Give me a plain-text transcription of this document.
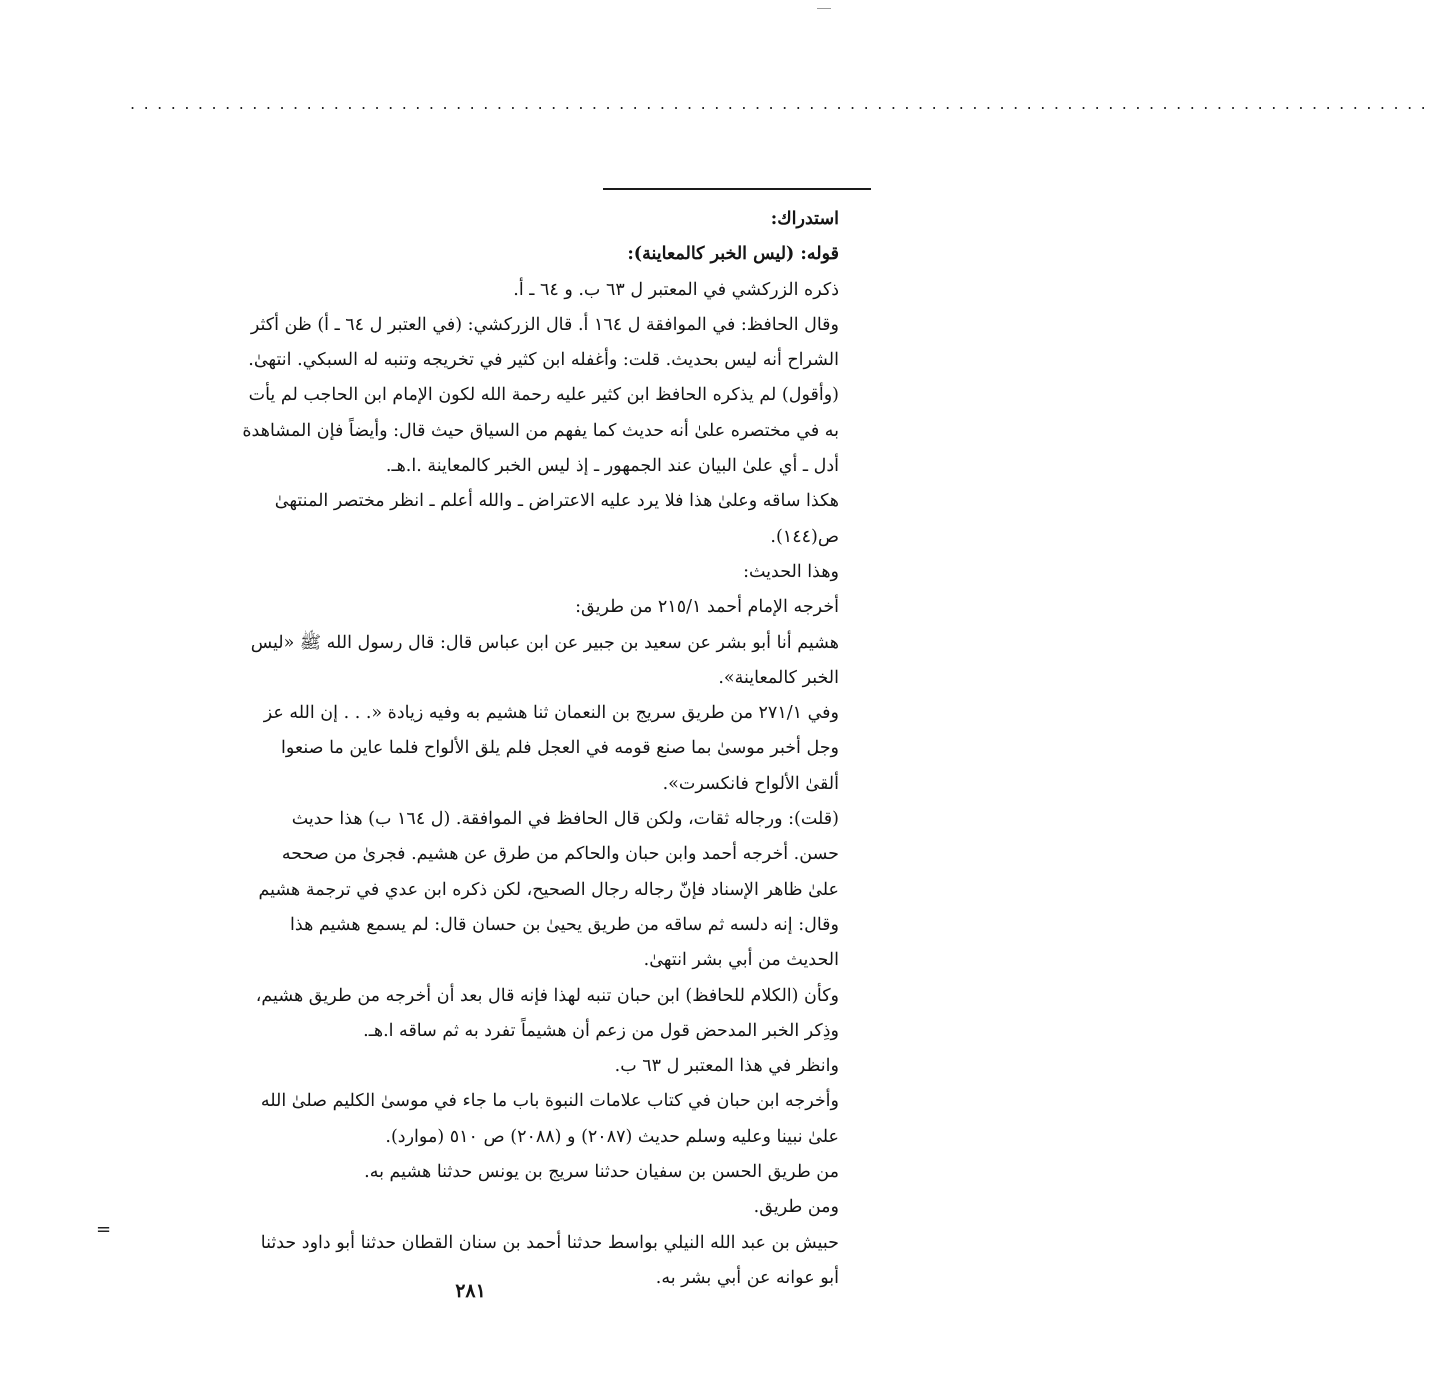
................................................................................................
استدراك:
قوله: (ليس الخبر كالمعاينة):
ذكره الزركشي في المعتبر ل ٦٣ ب. و ٦٤ ـ أ.
وقال الحافظ: في الموافقة ل ١٦٤ أ. قال الزركشي: (في العتبر ل ٦٤ ـ أ) ظن أكثر
الشراح أنه ليس بحديث. قلت: وأغفله ابن كثير في تخريجه وتنبه له السبكي. انتهىٰ.
(وأقول) لم يذكره الحافظ ابن كثير عليه رحمة الله لكون الإمام ابن الحاجب لم يأت
به في مختصره علىٰ أنه حديث كما يفهم من السياق حيث قال: وأيضاً فإن المشاهدة
أدل ـ أي علىٰ البيان عند الجمهور ـ إذ ليس الخبر كالمعاينة .ا.هـ.
هكذا ساقه وعلىٰ هذا فلا يرد عليه الاعتراض ـ والله أعلم ـ انظر مختصر المنتهىٰ
ص(١٤٤).
وهذا الحديث:
أخرجه الإمام أحمد ٢١٥/١ من طريق:
هشيم أنا أبو بشر عن سعيد بن جبير عن ابن عباس قال: قال رسول الله ﷺ «ليس
الخبر كالمعاينة».
وفي ٢٧١/١ من طريق سريج بن النعمان ثنا هشيم به وفيه زيادة «. . . إن الله عز
وجل أخبر موسىٰ بما صنع قومه في العجل فلم يلق الألواح فلما عاين ما صنعوا
ألقىٰ الألواح فانكسرت».
(قلت): ورجاله ثقات، ولكن قال الحافظ في الموافقة. (ل ١٦٤ ب) هذا حديث
حسن. أخرجه أحمد وابن حبان والحاكم من طرق عن هشيم. فجرىٰ من صححه
علىٰ ظاهر الإسناد فإنّ رجاله رجال الصحيح، لكن ذكره ابن عدي في ترجمة هشيم
وقال: إنه دلسه ثم ساقه من طريق يحيىٰ بن حسان قال: لم يسمع هشيم هذا
الحديث من أبي بشر انتهىٰ.
وكأن (الكلام للحافظ) ابن حبان تنبه لهذا فإنه قال بعد أن أخرجه من طريق هشيم،
وذِكر الخبر المدحض قول من زعم أن هشيماً تفرد به ثم ساقه ا.هـ.
وانظر في هذا المعتبر ل ٦٣ ب.
وأخرجه ابن حبان في كتاب علامات النبوة باب ما جاء في موسىٰ الكليم صلىٰ الله
علىٰ نبينا وعليه وسلم حديث (٢٠٨٧) و (٢٠٨٨) ص ٥١٠ (موارد).
من طريق الحسن بن سفيان حدثنا سريج بن يونس حدثنا هشيم به.
ومن طريق.
حبيش بن عبد الله النيلي بواسط حدثنا أحمد بن سنان القطان حدثنا أبو داود حدثنا
أبو عوانه عن أبي بشر به.
=
٢٨١
